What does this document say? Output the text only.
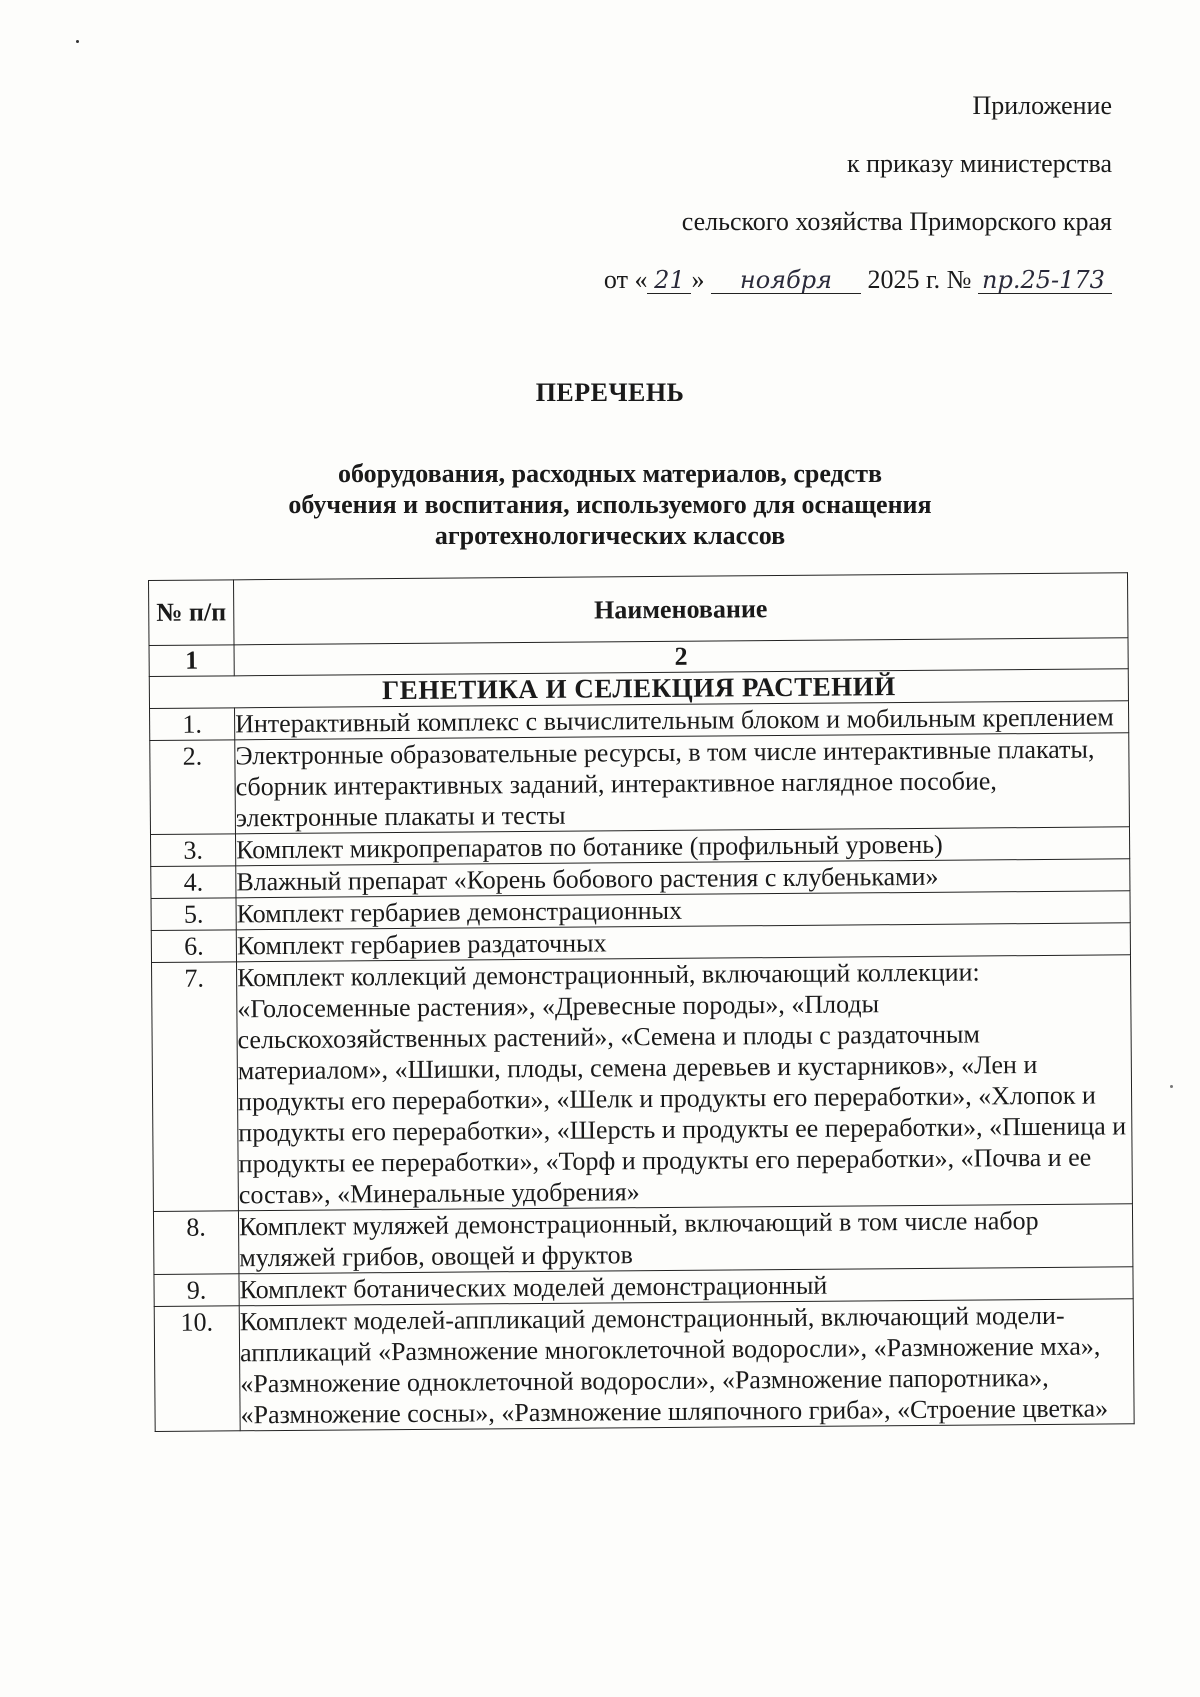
Приложение
к приказу министерства
сельского хозяйства Приморского края
от « 21 » ноября 2025 г. № пр.25-173
ПЕРЕЧЕНЬ
оборудования, расходных материалов, средств
обучения и воспитания, используемого для оснащения
агротехнологических классов
№ п/п	Наименование
1	2
ГЕНЕТИКА И СЕЛЕКЦИЯ РАСТЕНИЙ	
1.	Интерактивный комплекс с вычислительным блоком и мобильным креплением
2.	Электронные образовательные ресурсы, в том числе интерактивные плакаты, сборник интерактивных заданий, интерактивное наглядное пособие, электронные плакаты и тесты
3.	Комплект микропрепаратов по ботанике (профильный уровень)
4.	Влажный препарат «Корень бобового растения с клубеньками»
5.	Комплект гербариев демонстрационных
6.	Комплект гербариев раздаточных
7.	Комплект коллекций демонстрационный, включающий коллекции: «Голосеменные растения», «Древесные породы», «Плоды сельскохозяйственных растений», «Семена и плоды с раздаточным материалом», «Шишки, плоды, семена деревьев и кустарников», «Лен и продукты его переработки», «Шелк и продукты его переработки», «Хлопок и продукты его переработки», «Шерсть и продукты ее переработки», «Пшеница и продукты ее переработки», «Торф и продукты его переработки», «Почва и ее состав», «Минеральные удобрения»
8.	Комплект муляжей демонстрационный, включающий в том числе набор муляжей грибов, овощей и фруктов
9.	Комплект ботанических моделей демонстрационный
10.	Комплект моделей-аппликаций демонстрационный, включающий модели-аппликаций «Размножение многоклеточной водоросли», «Размножение мха», «Размножение одноклеточной водоросли», «Размножение папоротника», «Размножение сосны», «Размножение шляпочного гриба», «Строение цветка»
